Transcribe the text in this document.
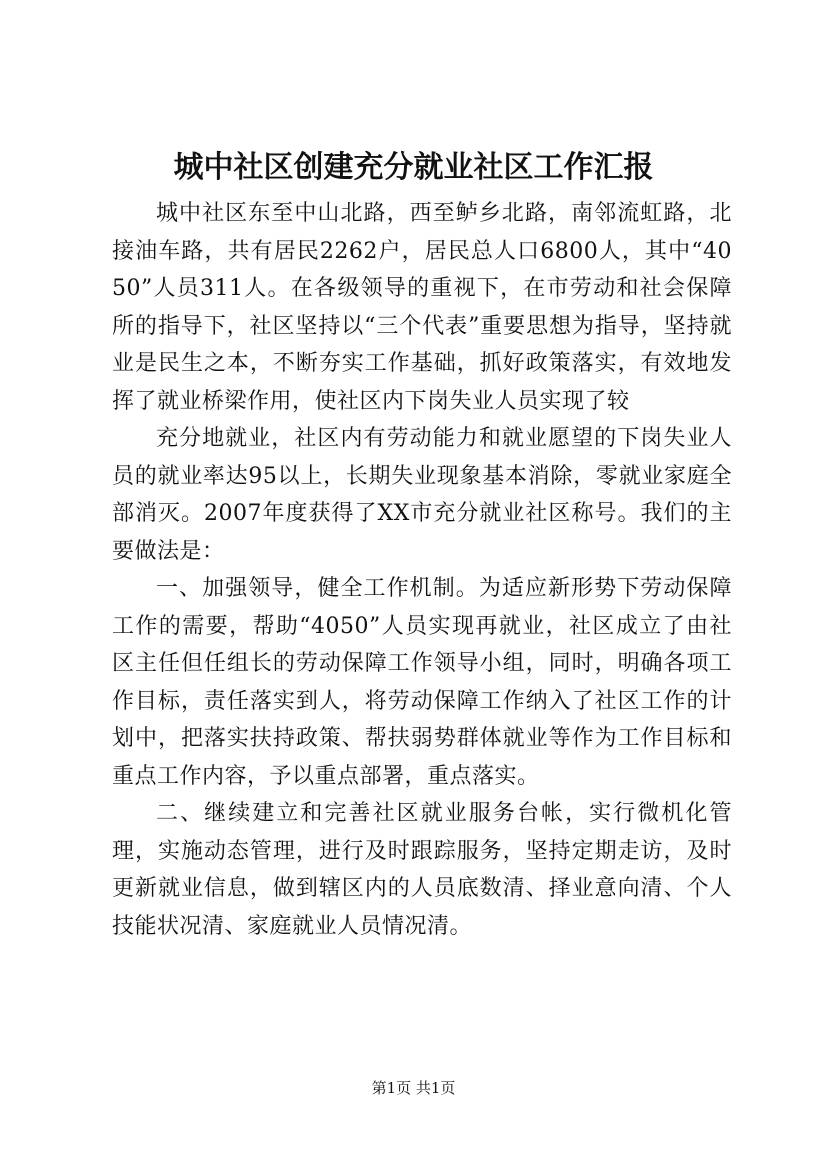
城中社区创建充分就业社区工作汇报

城中社区东至中山北路，西至鲈乡北路，南邻流虹路，北接油车路，共有居民2262户，居民总人口6800人，其中“4050”人员311人。在各级领导的重视下，在市劳动和社会保障所的指导下，社区坚持以“三个代表”重要思想为指导，坚持就业是民生之本，不断夯实工作基础，抓好政策落实，有效地发挥了就业桥梁作用，使社区内下岗失业人员实现了较

充分地就业，社区内有劳动能力和就业愿望的下岗失业人员的就业率达95以上，长期失业现象基本消除，零就业家庭全部消灭。2007年度获得了XX市充分就业社区称号。我们的主要做法是：

一、加强领导，健全工作机制。为适应新形势下劳动保障工作的需要，帮助“4050”人员实现再就业，社区成立了由社区主任但任组长的劳动保障工作领导小组，同时，明确各项工作目标，责任落实到人，将劳动保障工作纳入了社区工作的计划中，把落实扶持政策、帮扶弱势群体就业等作为工作目标和重点工作内容，予以重点部署，重点落实。

二、继续建立和完善社区就业服务台帐，实行微机化管理，实施动态管理，进行及时跟踪服务，坚持定期走访，及时更新就业信息，做到辖区内的人员底数清、择业意向清、个人技能状况清、家庭就业人员情况清。

第1页 共1页
